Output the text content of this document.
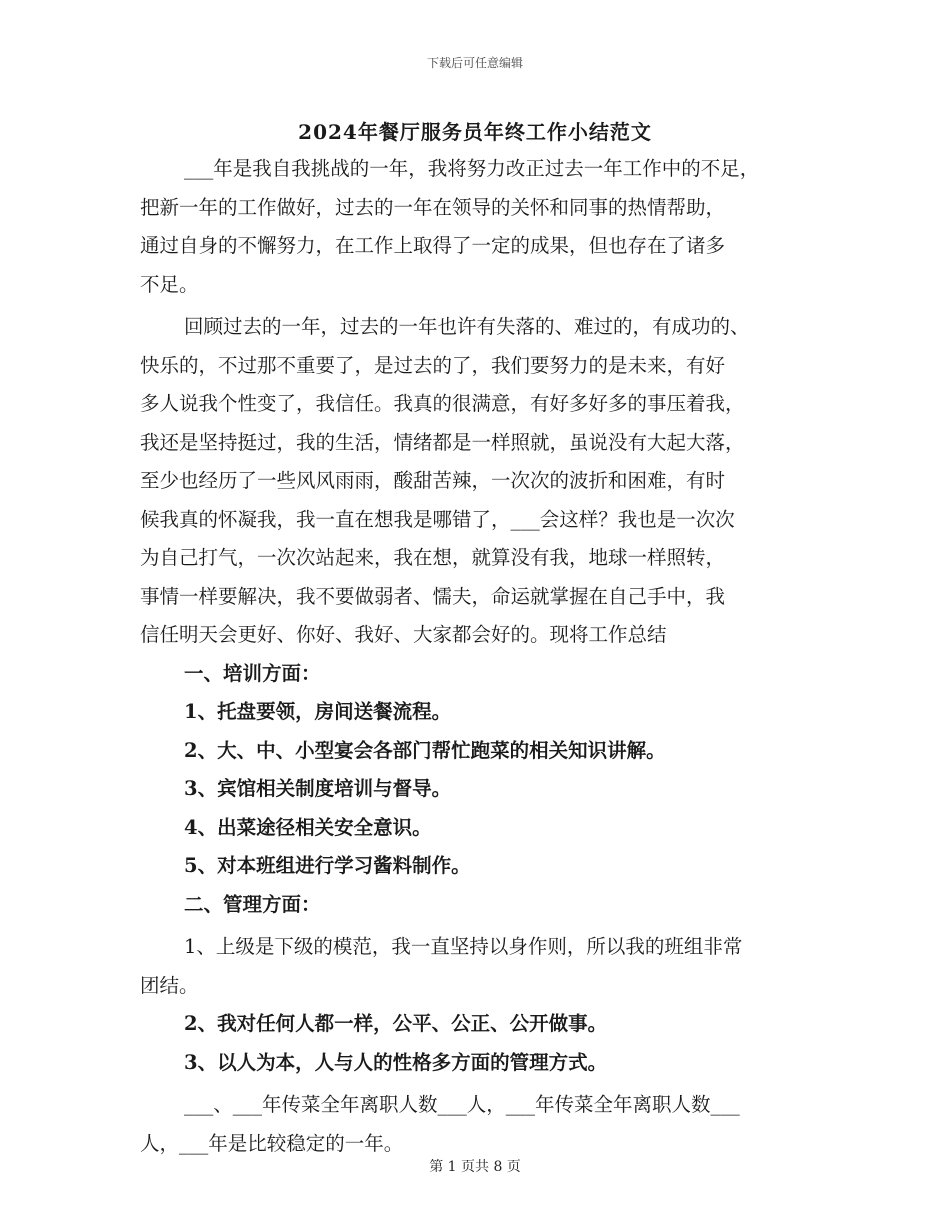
下载后可任意编辑
2024年餐厅服务员年终工作小结范文
___年是我自我挑战的一年，我将努力改正过去一年工作中的不足，
把新一年的工作做好，过去的一年在领导的关怀和同事的热情帮助，
通过自身的不懈努力，在工作上取得了一定的成果，但也存在了诸多
不足。
回顾过去的一年，过去的一年也许有失落的、难过的，有成功的、
快乐的，不过那不重要了，是过去的了，我们要努力的是未来，有好
多人说我个性变了，我信任。我真的很满意，有好多好多的事压着我，
我还是坚持挺过，我的生活，情绪都是一样照就，虽说没有大起大落，
至少也经历了一些风风雨雨，酸甜苦辣，一次次的波折和困难，有时
候我真的怀凝我，我一直在想我是哪错了，___会这样？我也是一次次
为自己打气，一次次站起来，我在想，就算没有我，地球一样照转，
事情一样要解决，我不要做弱者、懦夫，命运就掌握在自己手中，我
信任明天会更好、你好、我好、大家都会好的。现将工作总结
一、培训方面：
1、托盘要领，房间送餐流程。
2、大、中、小型宴会各部门帮忙跑菜的相关知识讲解。
3、宾馆相关制度培训与督导。
4、出菜途径相关安全意识。
5、对本班组进行学习酱料制作。
二、管理方面：
1、上级是下级的模范，我一直坚持以身作则，所以我的班组非常
团结。
2、我对任何人都一样，公平、公正、公开做事。
3、以人为本，人与人的性格多方面的管理方式。
___、___年传菜全年离职人数___人，___年传菜全年离职人数___
人，___年是比较稳定的一年。
第 1 页共 8 页
